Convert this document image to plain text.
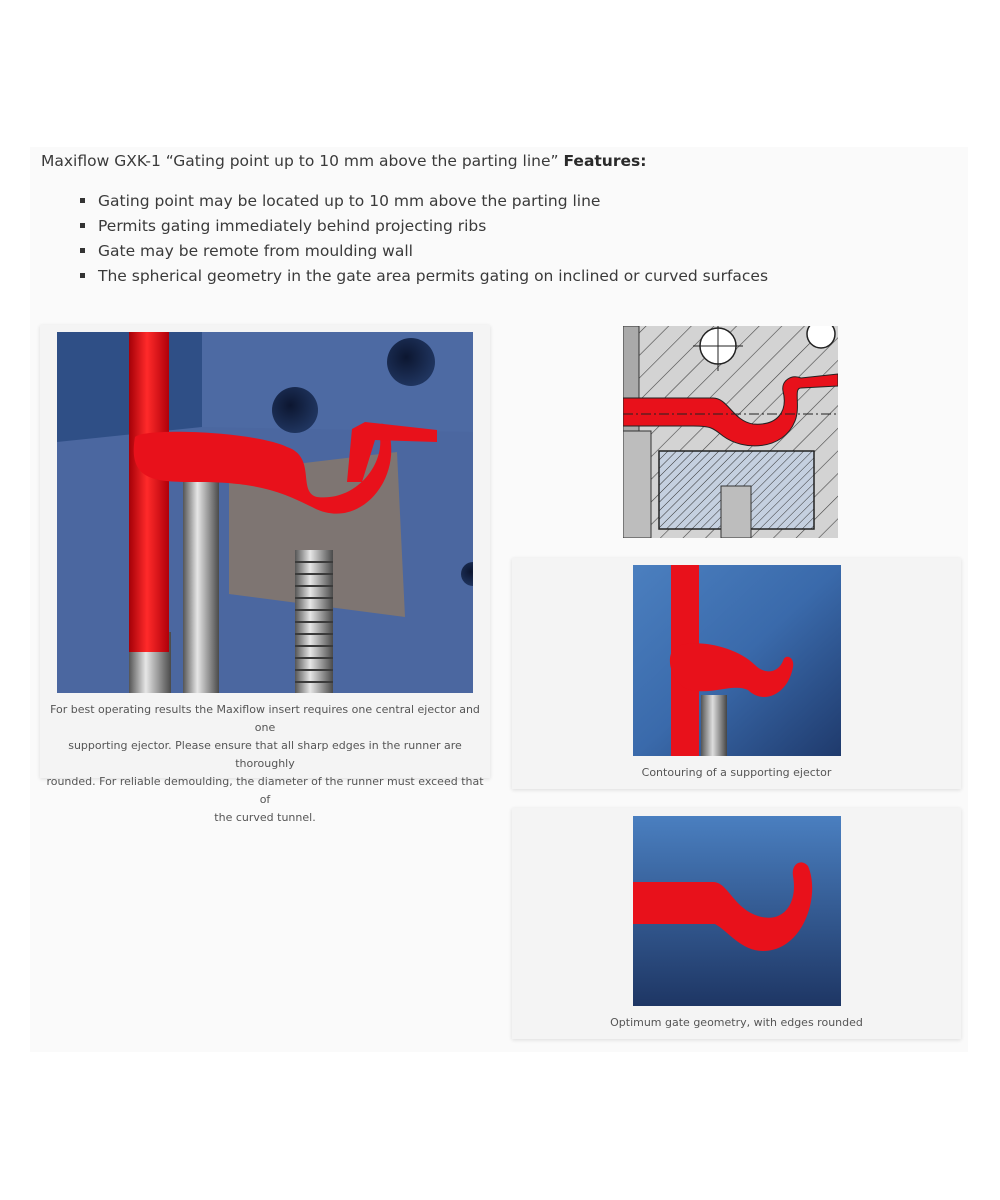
Maxiflow GXK-1 “Gating point up to 10 mm above the parting line” Features:
Gating point may be located up to 10 mm above the parting line
Permits gating immediately behind projecting ribs
Gate may be remote from moulding wall
The spherical geometry in the gate area permits gating on inclined or curved surfaces
For best operating results the Maxiflow insert requires one central ejector and one
supporting ejector. Please ensure that all sharp edges in the runner are thoroughly
rounded. For reliable demoulding, the diameter of the runner must exceed that of
the curved tunnel.
Contouring of a supporting ejector
Optimum gate geometry, with edges rounded
